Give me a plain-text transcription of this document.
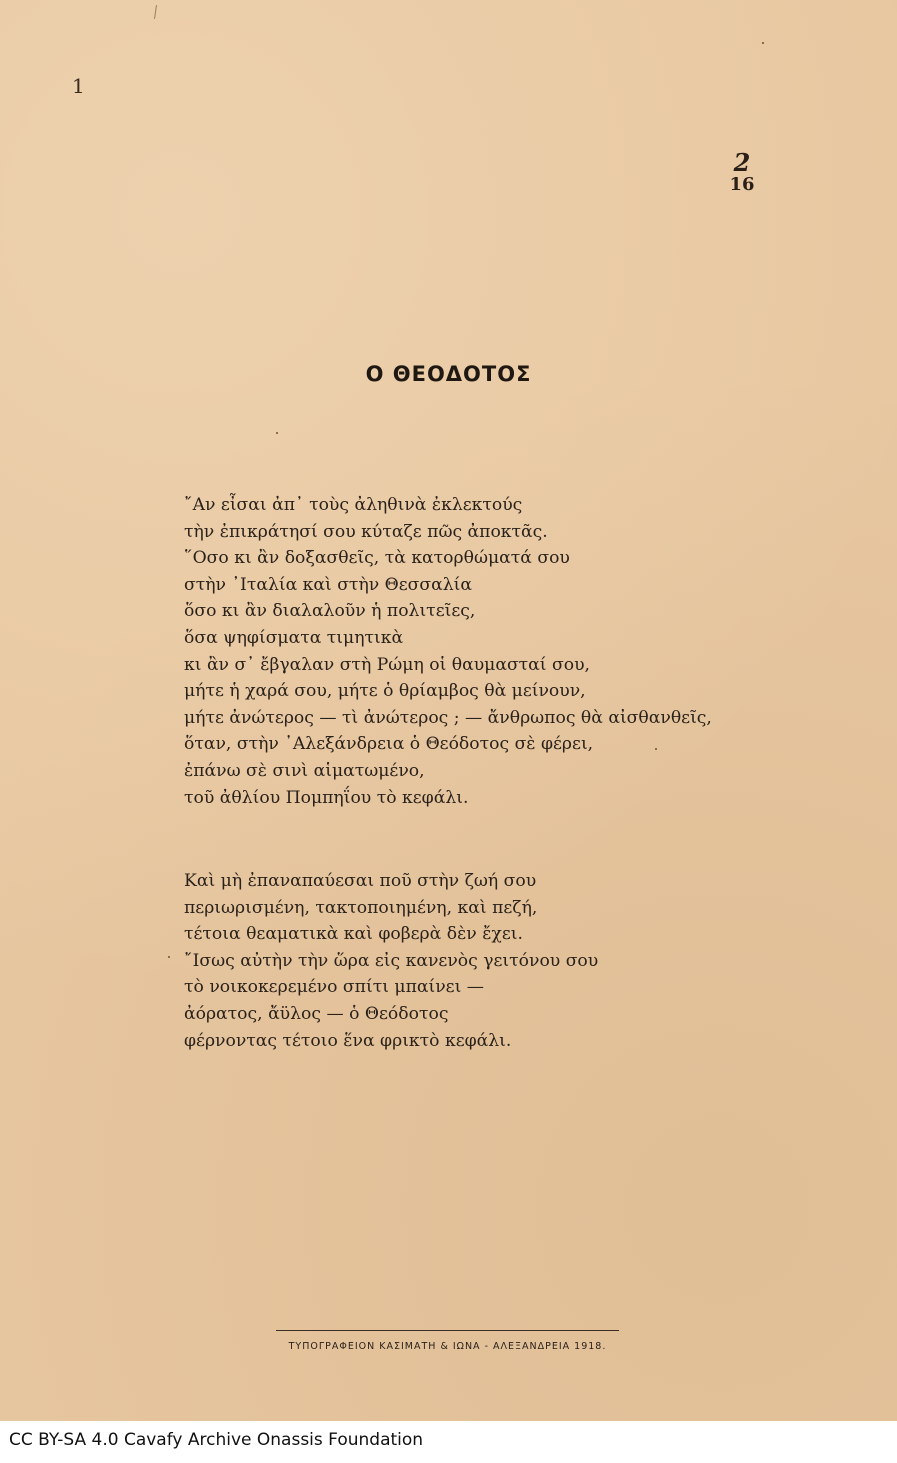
1
2
16
Ο ΘΕΟΔΟΤΟΣ
῎Αν εἶσαι ἀπ᾽ τοὺς ἀληθινὰ ἐκλεκτούς
τὴν ἐπικράτησί σου κύταζε πῶς ἀποκτᾶς.
῞Οσο κι ἂν δοξασθεῖς, τὰ κατορθώματά σου
στὴν ᾽Ιταλία καὶ στὴν Θεσσαλία
ὅσο κι ἂν διαλαλοῦν ἡ πολιτεῖες,
ὅσα ψηφίσματα τιμητικὰ
κι ἂν σ᾽ ἔβγαλαν στὴ Ρώμη οἱ θαυμασταί σου,
μήτε ἡ χαρά σου, μήτε ὁ θρίαμβος θὰ μείνουν,
μήτε ἀνώτερος — τὶ ἀνώτερος ; — ἄνθρωπος θὰ αἰσθανθεῖς,
ὅταν, στὴν ᾽Αλεξάνδρεια ὁ Θεόδοτος σὲ φέρει,
ἐπάνω σὲ σινὶ αἱματωμένο,
τοῦ ἀθλίου Πομπηΐου τὸ κεφάλι.
Καὶ μὴ ἐπαναπαύεσαι ποῦ στὴν ζωή σου
περιωρισμένη, τακτοποιημένη, καὶ πεζή,
τέτοια θεαματικὰ καὶ φοβερὰ δὲν ἔχει.
῎Ισως αὐτὴν τὴν ὥρα εἰς κανενὸς γειτόνου σου
τὸ νοικοκερεμένο σπίτι μπαίνει —
ἀόρατος, ἄϋλος — ὁ Θεόδοτος
φέρνοντας τέτοιο ἕνα φρικτὸ κεφάλι.
ΤΥΠΟΓΡΑΦΕΙΟΝ ΚΑΣΙΜΑΤΗ & ΙΩΝΑ - ΑΛΕΞΑΝΔΡΕΙΑ 1918.
CC BY-SA 4.0 Cavafy Archive Onassis Foundation
